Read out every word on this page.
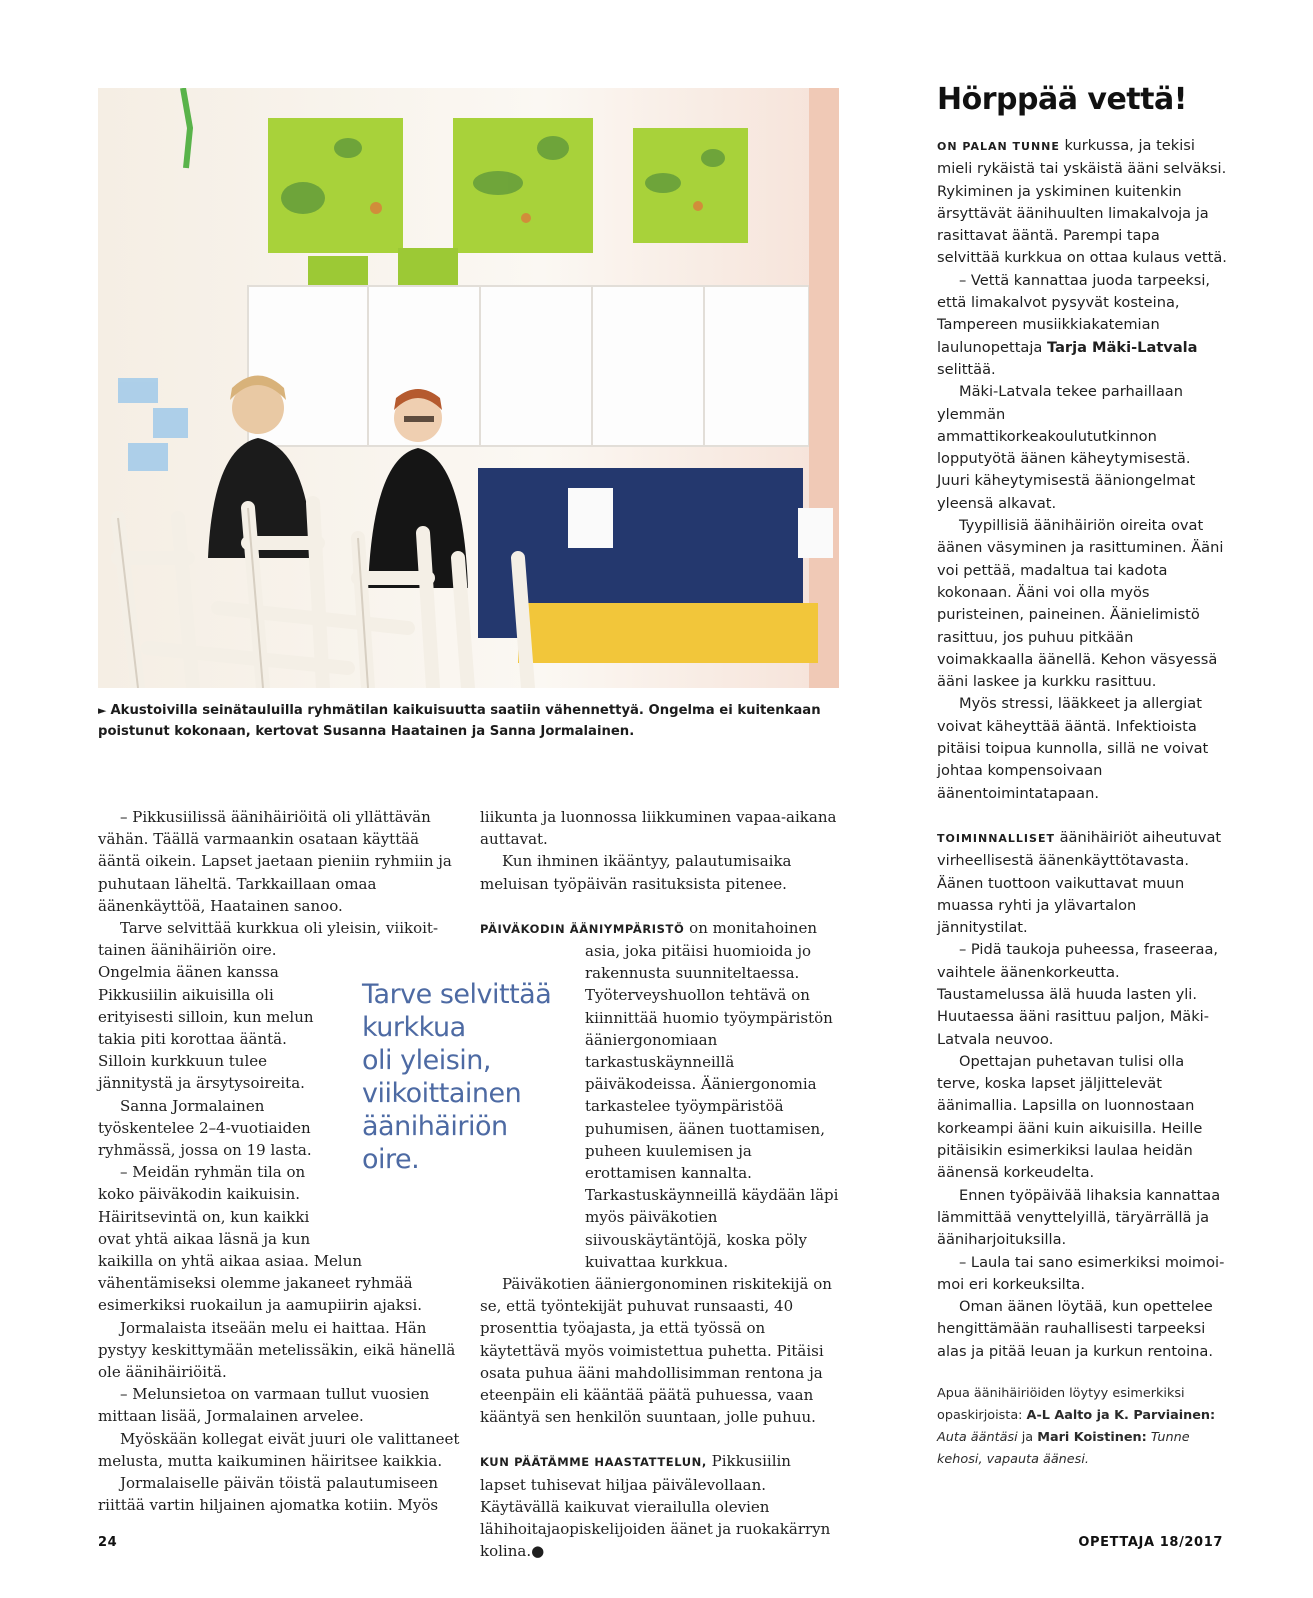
► Akustoivilla seinätauluilla ryhmätilan kaikuisuutta saatiin vähennettyä. Ongelma ei kuitenkaan poistunut kokonaan, kertovat Susanna Haatainen ja Sanna Jormalainen.

– Pikkusiilissä äänihäiriöitä oli yllättävän vähän. Täällä varmaankin osataan käyttää ääntä oikein. Lapset jaetaan pieniin ryhmiin ja puhutaan läheltä. Tarkkaillaan omaa äänenkäyttöä, Haatainen sanoo.

Tarve selvittää kurkkua oli yleisin, viikoit-

tainen äänihäiriön oire. Ongelmia äänen kanssa Pikkusiilin aikuisilla oli erityisesti silloin, kun melun takia piti korottaa ääntä. Silloin kurkkuun tulee jännitystä ja ärsytysoireita.

Sanna Jormalainen työskentelee 2–4-vuotiaiden ryhmässä, jossa on 19 lasta.

– Meidän ryhmän tila on koko päiväkodin kaikuisin. Häiritsevintä on, kun kaikki ovat yhtä aikaa läsnä ja kun

kaikilla on yhtä aikaa asiaa. Melun vähentämiseksi olemme jakaneet ryhmää esimerkiksi ruokailun ja aamupiirin ajaksi.

Jormalaista itseään melu ei haittaa. Hän pystyy keskittymään metelissäkin, eikä hänellä ole äänihäiriöitä.

– Melunsietoa on varmaan tullut vuosien mittaan lisää, Jormalainen arvelee.

Myöskään kollegat eivät juuri ole valittaneet melusta, mutta kaikuminen häiritsee kaikkia.

Jormalaiselle päivän töistä palautumiseen riittää vartin hiljainen ajomatka kotiin. Myös

Tarve selvittää
kurkkua
oli yleisin,
viikoittainen
äänihäiriön
oire.

liikunta ja luonnossa liikkuminen vapaa-aikana auttavat.

Kun ihminen ikääntyy, palautumisaika meluisan työpäivän rasituksista pitenee.

PÄIVÄKODIN ÄÄNIYMPÄRISTÖ on monitahoinen

asia, joka pitäisi huomioida jo rakennusta suunniteltaessa. Työterveyshuollon tehtävä on kiinnittää huomio työympäristön ääniergonomiaan tarkastuskäynneillä päiväkodeissa. Ääniergonomia tarkastelee työympäristöä puhumisen, äänen tuottamisen, puheen kuulemisen ja erottamisen kannalta. Tarkastuskäynneillä käydään läpi myös päiväkotien siivouskäytäntöjä, koska pöly kuivattaa kurkkua.

Päiväkotien ääniergonominen riskitekijä on se, että työntekijät puhuvat runsaasti, 40 prosenttia työajasta, ja että työssä on käytettävä myös voimistettua puhetta. Pitäisi osata puhua ääni mahdollisimman rentona ja eteenpäin eli kääntää päätä puhuessa, vaan kääntyä sen henkilön suuntaan, jolle puhuu.

KUN PÄÄTÄMME HAASTATTELUN, Pikkusiilin lapset tuhisevat hiljaa päivälevollaan. Käytävällä kaikuvat vierailulla olevien lähihoitajaopiskelijoiden äänet ja ruokakärryn kolina.●

Hörppää vettä!

ON PALAN TUNNE kurkussa, ja tekisi mieli rykäistä tai yskäistä ääni selväksi. Rykiminen ja yskiminen kuitenkin ärsyttävät äänihuulten limakalvoja ja rasittavat ääntä. Parempi tapa selvittää kurkkua on ottaa kulaus vettä.

– Vettä kannattaa juoda tarpeeksi, että limakalvot pysyvät kosteina, Tampereen musiikkiakatemian laulunopettaja Tarja Mäki-Latvala selittää.

Mäki-Latvala tekee parhaillaan ylemmän ammattikorkeakoulututkinnon lopputyötä äänen käheytymisestä. Juuri käheytymisestä ääniongelmat yleensä alkavat.

Tyypillisiä äänihäiriön oireita ovat äänen väsyminen ja rasittuminen. Ääni voi pettää, madaltua tai kadota kokonaan. Ääni voi olla myös puristeinen, paineinen. Äänielimistö rasittuu, jos puhuu pitkään voimakkaalla äänellä. Kehon väsyessä ääni laskee ja kurkku rasittuu.

Myös stressi, lääkkeet ja allergiat voivat käheyttää ääntä. Infektioista pitäisi toipua kunnolla, sillä ne voivat johtaa kompensoivaan äänentoimintatapaan.

TOIMINNALLISET äänihäiriöt aiheutuvat virheellisestä äänenkäyttötavasta. Äänen tuottoon vaikuttavat muun muassa ryhti ja ylävartalon jännitystilat.

– Pidä taukoja puheessa, fraseeraa, vaihtele äänenkorkeutta. Taustamelussa älä huuda lasten yli. Huutaessa ääni rasittuu paljon, Mäki-Latvala neuvoo.

Opettajan puhetavan tulisi olla terve, koska lapset jäljittelevät äänimallia. Lapsilla on luonnostaan korkeampi ääni kuin aikuisilla. Heille pitäisikin esimerkiksi laulaa heidän äänensä korkeudelta.

Ennen työpäivää lihaksia kannattaa lämmittää venyttelyillä, täryärrällä ja ääniharjoituksilla.

– Laula tai sano esimerkiksi moimoi-moi eri korkeuksilta.

Oman äänen löytää, kun opettelee hengittämään rauhallisesti tarpeeksi alas ja pitää leuan ja kurkun rentoina.

Apua äänihäiriöiden löytyy esimerkiksi opaskirjoista: A-L Aalto ja K. Parviainen: Auta ääntäsi ja Mari Koistinen: Tunne kehosi, vapauta äänesi.
24	OPETTAJA 18/2017
